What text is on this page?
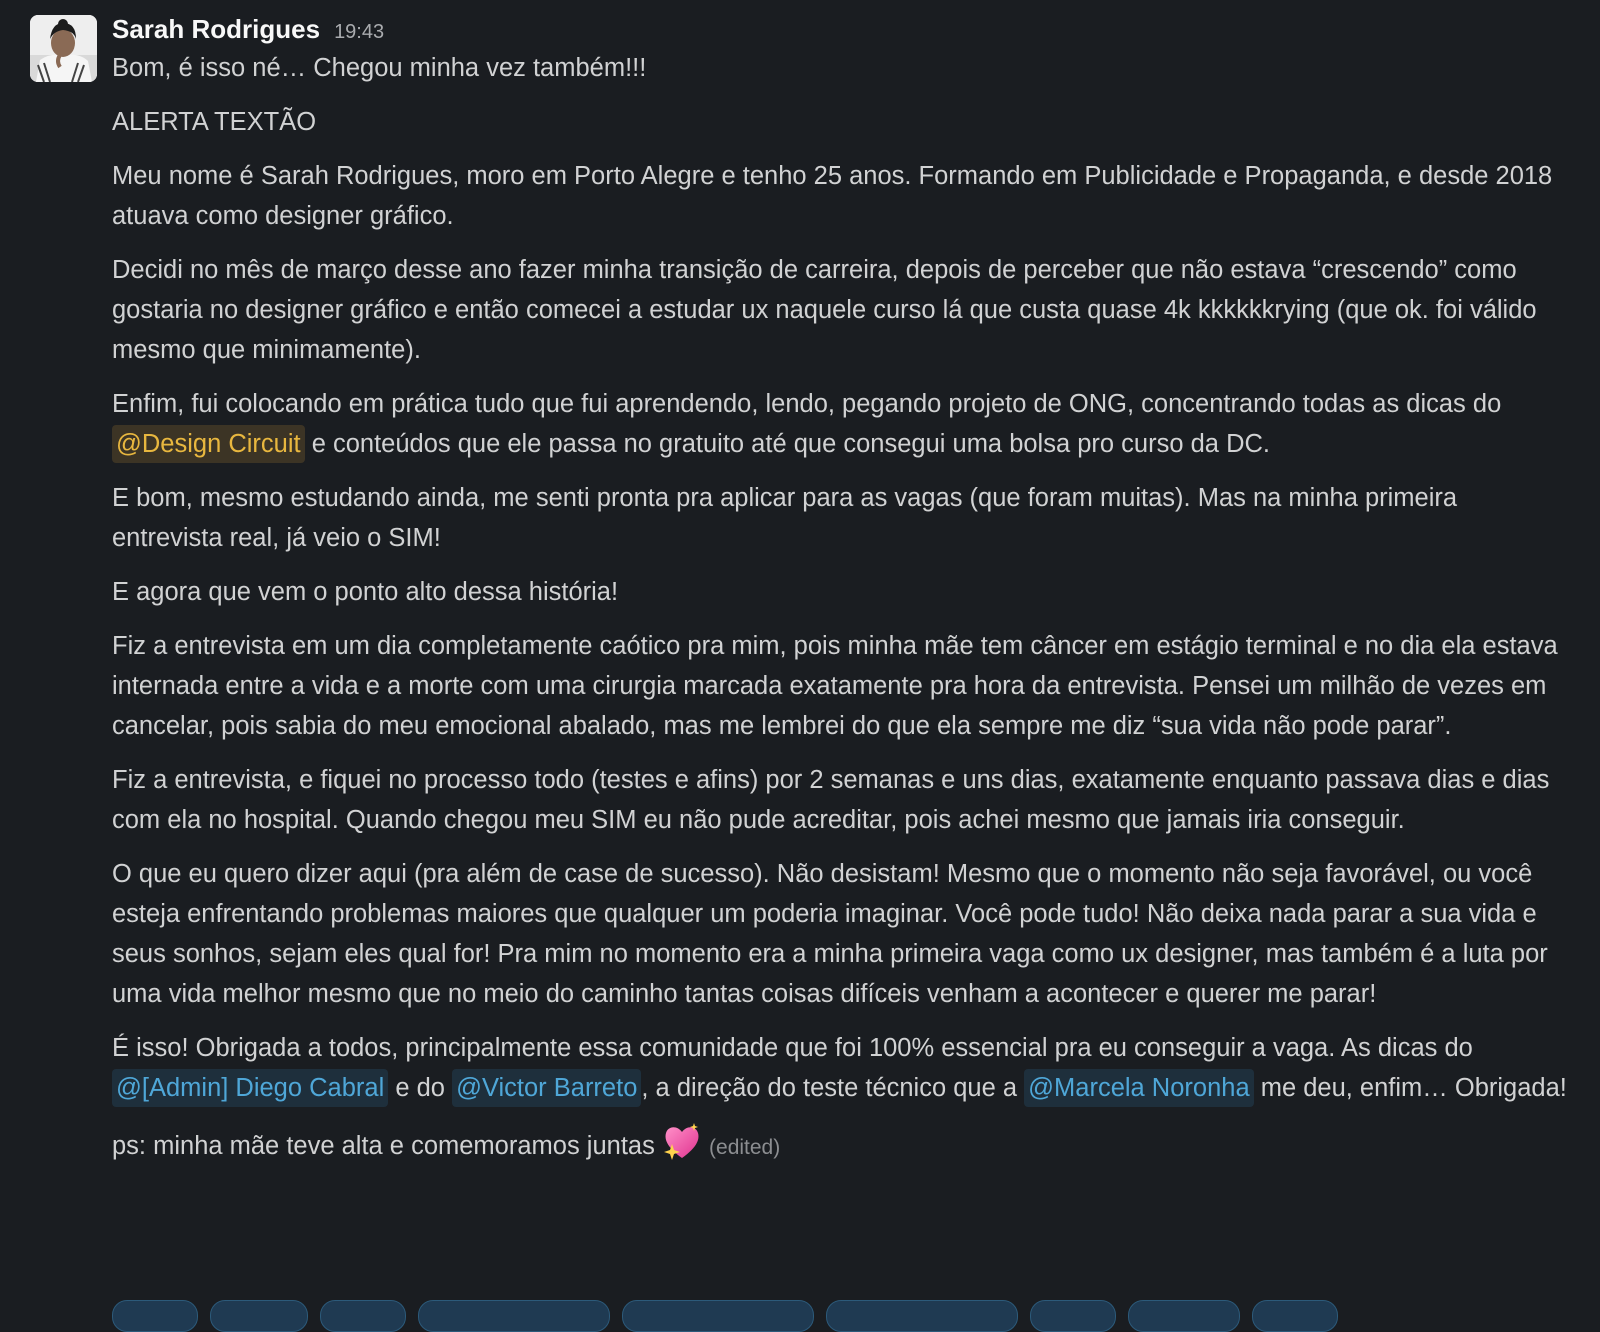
Sarah Rodrigues 19:43

Bom, é isso né… Chegou minha vez também!!!

ALERTA TEXTÃO

Meu nome é Sarah Rodrigues, moro em Porto Alegre e tenho 25 anos. Formando em Publicidade e Propaganda, e desde 2018 atuava como designer gráfico.

Decidi no mês de março desse ano fazer minha transição de carreira, depois de perceber que não estava “crescendo” como gostaria no designer gráfico e então comecei a estudar ux naquele curso lá que custa quase 4k kkkkkkrying (que ok. foi válido mesmo que minimamente).

Enfim, fui colocando em prática tudo que fui aprendendo, lendo, pegando projeto de ONG, concentrando todas as dicas do @Design Circuit e conteúdos que ele passa no gratuito até que consegui uma bolsa pro curso da DC.

E bom, mesmo estudando ainda, me senti pronta pra aplicar para as vagas (que foram muitas). Mas na minha primeira entrevista real, já veio o SIM!

E agora que vem o ponto alto dessa história!

Fiz a entrevista em um dia completamente caótico pra mim, pois minha mãe tem câncer em estágio terminal e no dia ela estava internada entre a vida e a morte com uma cirurgia marcada exatamente pra hora da entrevista. Pensei um milhão de vezes em cancelar, pois sabia do meu emocional abalado, mas me lembrei do que ela sempre me diz “sua vida não pode parar”.

Fiz a entrevista, e fiquei no processo todo (testes e afins) por 2 semanas e uns dias, exatamente enquanto passava dias e dias com ela no hospital. Quando chegou meu SIM eu não pude acreditar, pois achei mesmo que jamais iria conseguir.

O que eu quero dizer aqui (pra além de case de sucesso). Não desistam! Mesmo que o momento não seja favorável, ou você esteja enfrentando problemas maiores que qualquer um poderia imaginar. Você pode tudo! Não deixa nada parar a sua vida e seus sonhos, sejam eles qual for! Pra mim no momento era a minha primeira vaga como ux designer, mas também é a luta por uma vida melhor mesmo que no meio do caminho tantas coisas difíceis venham a acontecer e querer me parar!

É isso! Obrigada a todos, principalmente essa comunidade que foi 100% essencial pra eu conseguir a vaga. As dicas do @[Admin] Diego Cabral e do @Victor Barreto , a direção do teste técnico que a @Marcela Noronha me deu, enfim… Obrigada!

ps: minha mãe teve alta e comemoramos juntas
(edited)
